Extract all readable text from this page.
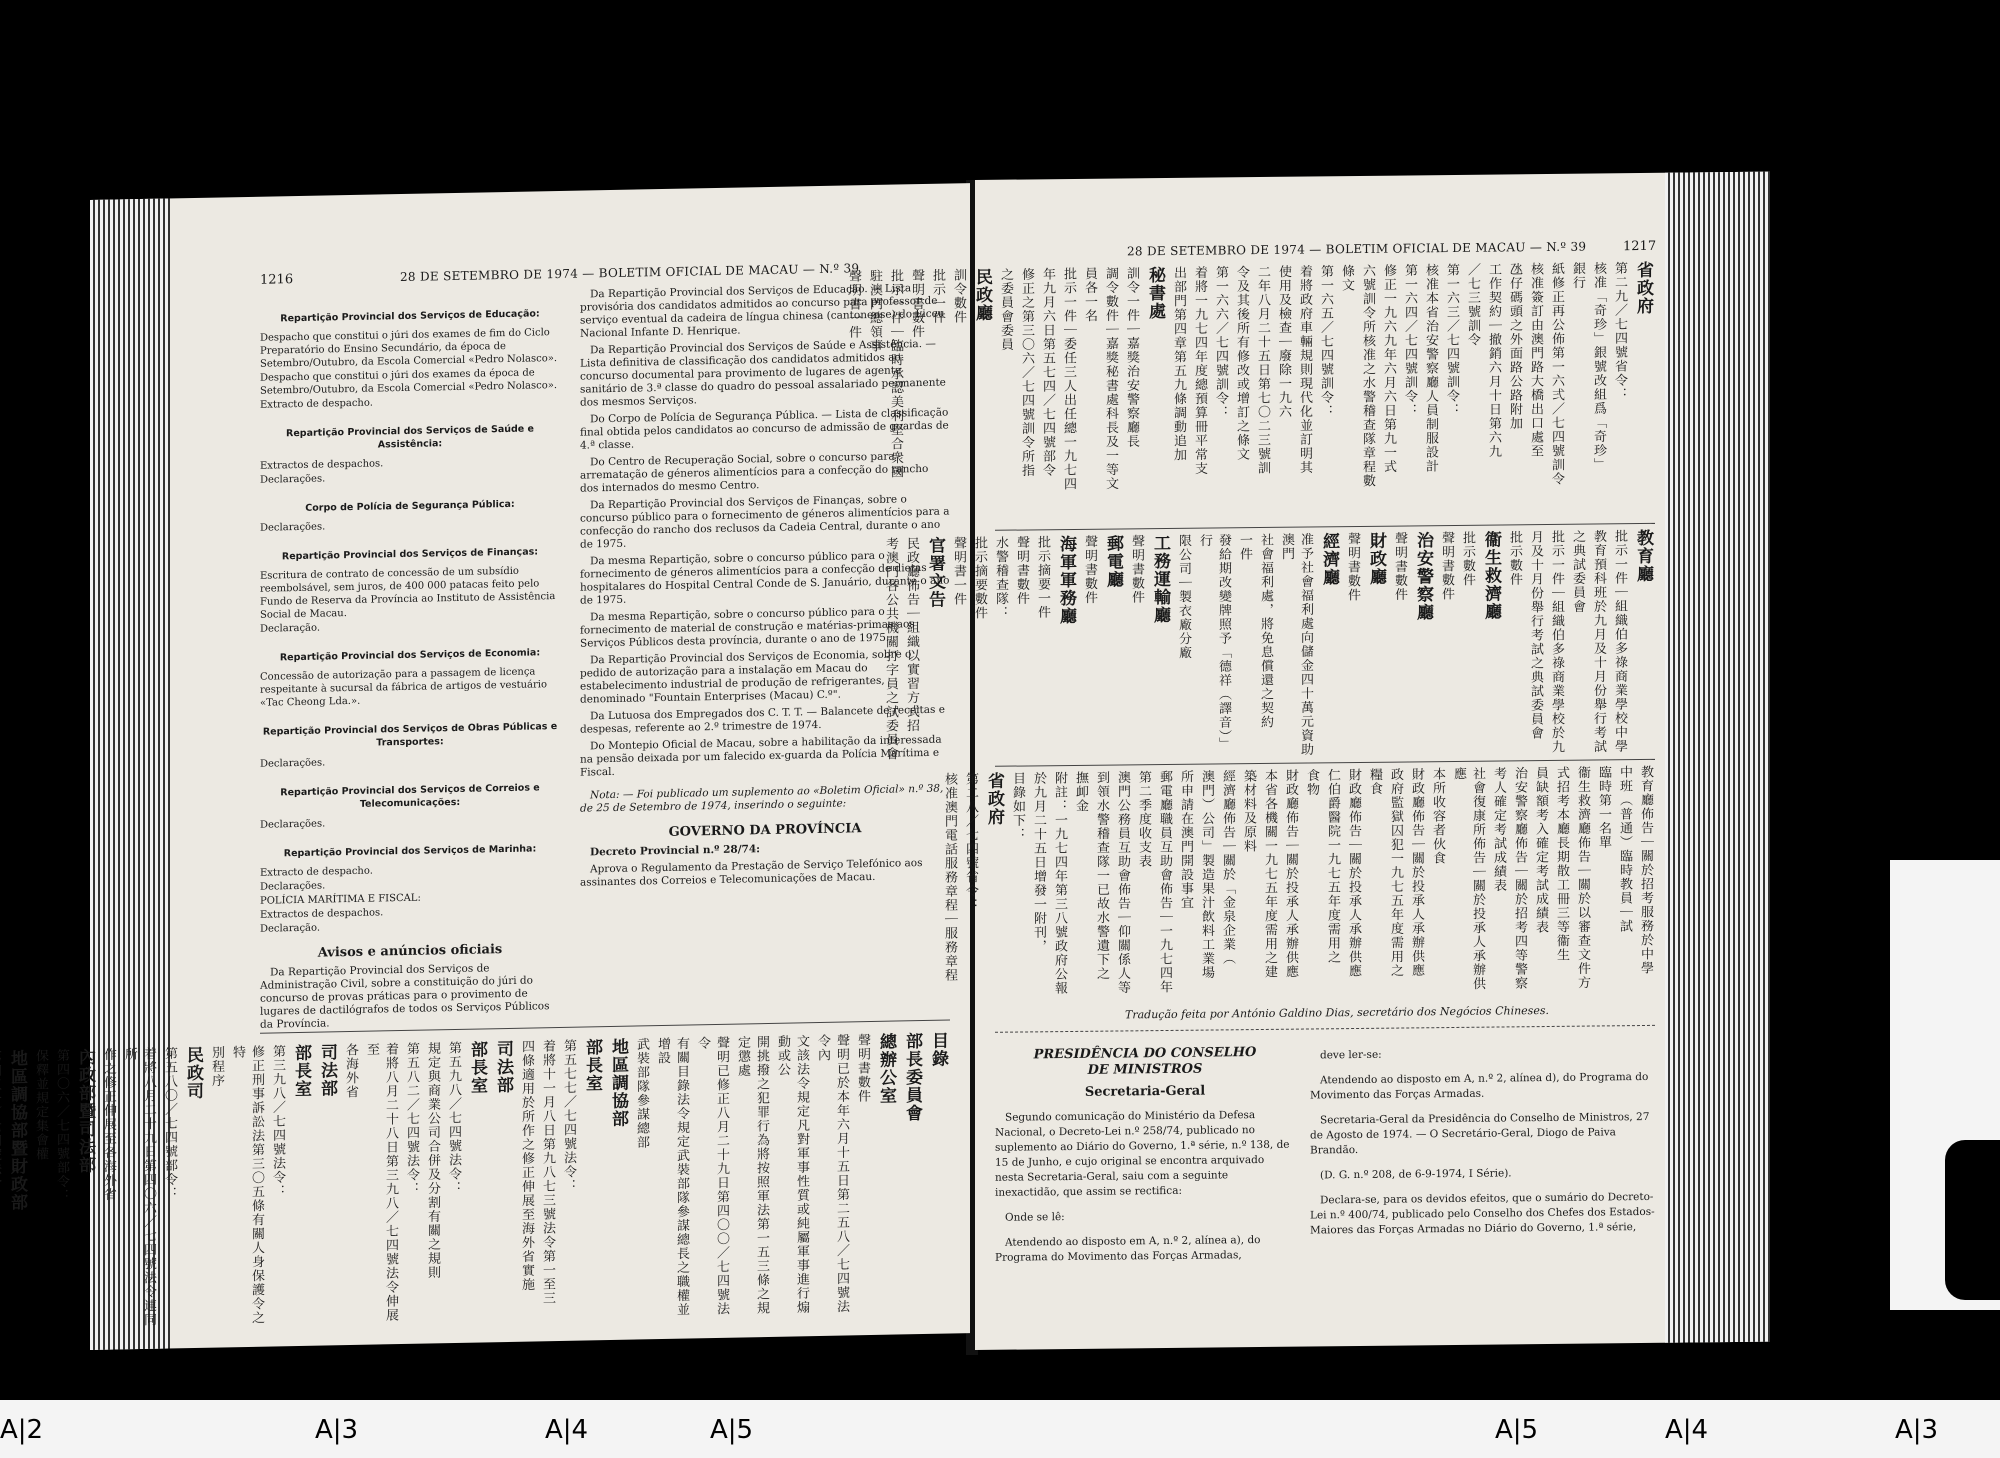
1216	28 DE SETEMBRO DE 1974 — BOLETIM OFICIAL DE MACAU — N.º 39
Repartição Provincial dos Serviços de Educação:
Despacho que constitui o júri dos exames de fim do Ciclo Preparatório do Ensino Secundário, da época de Setembro/Outubro, da Escola Comercial «Pedro Nolasco».
Despacho que constitui o júri dos exames da época de Setembro/Outubro, da Escola Comercial «Pedro Nolasco».
Extracto de despacho.
Repartição Provincial dos Serviços de Saúde e Assistência:
Extractos de despachos.
Declarações.
Corpo de Polícia de Segurança Pública:
Declarações.
Repartição Provincial dos Serviços de Finanças:
Escritura de contrato de concessão de um subsídio reembolsável, sem juros, de 400 000 patacas feito pelo Fundo de Reserva da Província ao Instituto de Assistência Social de Macau.
Declaração.
Repartição Provincial dos Serviços de Economia:
Concessão de autorização para a passagem de licença respeitante à sucursal da fábrica de artigos de vestuário «Tac Cheong Lda.».
Repartição Provincial dos Serviços de Obras Públicas e Transportes:
Declarações.
Repartição Provincial dos Serviços de Correios e Telecomunicações:
Declarações.
Repartição Provincial dos Serviços de Marinha:
Extracto de despacho.
Declarações.
POLÍCIA MARÍTIMA E FISCAL:
Extractos de despachos.
Declaração.
Avisos e anúncios oficiais
Da Repartição Provincial dos Serviços de Administração Civil, sobre a constituição do júri do concurso de provas práticas para o provimento de lugares de dactilógrafos de todos os Serviços Públicos da Província.
Da Repartição Provincial dos Serviços de Educação. — Lista provisória dos candidatos admitidos ao concurso para professor de serviço eventual da cadeira de língua chinesa (cantonense) do Liceu Nacional Infante D. Henrique.
Da Repartição Provincial dos Serviços de Saúde e Assistência. — Lista definitiva de classificação dos candidatos admitidos ao concurso documental para provimento de lugares de agente sanitário de 3.ª classe do quadro do pessoal assalariado permanente dos mesmos Serviços.
Do Corpo de Polícia de Segurança Pública. — Lista de classificação final obtida pelos candidatos ao concurso de admissão de guardas de 4.ª classe.
Do Centro de Recuperação Social, sobre o concurso para arrematação de géneros alimentícios para a confecção do rancho dos internados do mesmo Centro.
Da Repartição Provincial dos Serviços de Finanças, sobre o concurso público para o fornecimento de géneros alimentícios para a confecção do rancho dos reclusos da Cadeia Central, durante o ano de 1975.
Da mesma Repartição, sobre o concurso público para o fornecimento de géneros alimentícios para a confecção de dietas hospitalares do Hospital Central Conde de S. Januário, durante o ano de 1975.
Da mesma Repartição, sobre o concurso público para o fornecimento de material de construção e matérias-primas aos Serviços Públicos desta província, durante o ano de 1975.
Da Repartição Provincial dos Serviços de Economia, sobre o pedido de autorização para a instalação em Macau do estabelecimento industrial de produção de refrigerantes, denominado "Fountain Enterprises (Macau) C.º".
Da Lutuosa dos Empregados dos C. T. T. — Balancete de receitas e despesas, referente ao 2.º trimestre de 1974.
Do Montepio Oficial de Macau, sobre a habilitação da interessada na pensão deixada por um falecido ex-guarda da Polícia Marítima e Fiscal.
Nota: — Foi publicado um suplemento ao «Boletim Oficial» n.º 38, de 25 de Setembro de 1974, inserindo o seguinte:
GOVERNO DA PROVÍNCIA
Decreto Provincial n.º 28/74:
Aprova o Regulamento da Prestação de Serviço Telefónico aos assinantes dos Correios e Telecomunicações de Macau.
目錄
部長委員會
總辦公室
聲明書數件
聲明已於本年六月十五日第二五八／七四號法令內
文該法令規定凡對軍事性質或純屬軍事進行煽動或公
開挑撥之犯罪行為將按照軍法第一五三條之規定懲處
聲明已修正八月二十九日第四〇〇／七四號法令
有關目錄法令規定武裝部隊參謀總長之職權並增設
武裝部隊參謀總部
地區調協部
部長室
第五七七／七四號法令：
着將十一月八日第九八七三號法令第一至三
四條適用於所作之修正伸展至海外省實施
司法部
部長室
第五九八／七四號法令：
規定與商業公司合併及分割有關之規則
第五八二／七四號法令：
着將八月二十八日第三九八／七四號法令伸展至
各海外省
司法部
部長室
第三九八／七四號法令：
修正刑事訴訟法第三〇五條有關人身保護令之特
別程序
民政司
第五八〇／七四號部令：
着將八月二十九日第四〇六／七四號法令連同所
作之修正伸展至各海外省
內政部暨司法部
第四〇六／七四號部令：
保釋並規定集會權
地區調協部暨財政部
28 DE SETEMBRO DE 1974 — BOLETIM OFICIAL DE MACAU — N.º 39	1217
省政府
第二九／七四號省令：
核准「奇珍」銀號改組爲「奇珍」
銀行
紙修正再公佈第一六弍／七四號訓令
核准簽訂由澳門路大橋出口處至
氹仔碼頭之外面路公路附加
工作契約｜撤銷六月十日第六九
／七三號訓令
第一六三／七四號訓令：
核准本省治安警察廳人員制服設計
第一六四／七四號訓令：
修正一九六九年六月六日第九一式
六號訓令所核准之水警稽查隊章程數
條文
第一六五／七四號訓令：
着將政府車輛規則現代化並訂明其
使用及檢查｜廢除一九六
二年八月二十五日第七〇二三號訓
令及其後所有修改或增訂之條文
第一六六／七四號訓令：
着將一九七四年度總預算冊平常支
出部門第四章第五九條調動追加
秘書處
訓令一件｜嘉獎治安警察廳長
調令數件｜嘉獎秘書處科長及一等文
員各一名
批示一件｜委任三人出任總一九七四
年九月六日第五七四／七四號部令
修正之第三〇六／七四號訓令所指
之委員會委員
民政廳
訓令數件
批示一件
聲明書數件
批示一件｜臨時承認美利堅合衆國
駐澳門總領事
聲明書一件
教育廳
批示一件｜組織伯多祿商業學校中學
教育預科班於九月及十月份舉行考試
之典試委員會
批示一件｜組織伯多祿商業學校於九
月及十月份舉行考試之典試委員會
批示數件
衞生救濟廳
批示數件
聲明書數件
治安警察廳
聲明書數件
財政廳
聲明書數件
經濟廳
准予社會福利處向儲金四十萬元資助澳門
社會福利處，將免息償還之契約
一件
發給期改變牌照予「德祥（譯音）」行
限公司｜製衣廠分廠
工務運輸廳
聲明書數件
郵電廳
聲明書數件
海軍軍務廳
批示摘要一件
聲明書數件
水警稽查隊：
批示摘要數件
聲明書一件
官署文告
民政廳佈告｜組織以實習方式招
考澳門各公共機關打字員之試委員會
教育廳佈告｜關於招考服務於中學
中班（普通）臨時教員｜試
臨時第一名單
衞生救濟廳佈告｜關於以審查文件方
式招考本廳長期散工冊三等衞生
員缺額考入確定考試成績表
治安警察廳佈告｜關於招考四等警察
考人確定考試成績表
社會復康所佈告｜關於投承人承辦供應
本所收容者伙食
財政廳佈告｜關於投承人承辦供應
政府監獄囚犯一九七五年度需用之
糧食
財政廳佈告｜關於投承人承辦供應
仁伯爵醫院一九七五年度需用之
食物
財政廳佈告｜關於投承人承辦供應
本省各機關一九七五年度需用之建
築材料及原料
經濟廳佈告｜關於「金泉企業（
澳門）公司」製造果汁飲料工業場
所申請在澳門開設事宜
郵電廳職員互助會佈告｜一九七四年
第二季度收支表
澳門公務員互助會佈告｜仰關係人等
到領水警稽查隊一已故水警遺下之
撫卹金
附註：一九七四年第三八號政府公報
於九月二十五日增發一附刊，
目錄如下：
省政府
第二八／七四號省令：
核准澳門電話服務章程｜服務章程
Tradução feita por António Galdino Dias, secretário dos Negócios Chineses.
PRESIDÊNCIA DO CONSELHO
DE MINISTROS
Secretaria-Geral
Segundo comunicação do Ministério da Defesa Nacional, o Decreto-Lei n.º 258/74, publicado no suplemento ao Diário do Governo, 1.ª série, n.º 138, de 15 de Junho, e cujo original se encontra arquivado nesta Secretaria-Geral, saiu com a seguinte inexactidão, que assim se rectifica:
Onde se lê:
Atendendo ao disposto em A, n.º 2, alínea a), do Programa do Movimento das Forças Armadas,
deve ler-se:
Atendendo ao disposto em A, n.º 2, alínea d), do Programa do Movimento das Forças Armadas.
Secretaria-Geral da Presidência do Conselho de Ministros, 27 de Agosto de 1974. — O Secretário-Geral, Diogo de Paiva Brandão.
(D. G. n.º 208, de 6-9-1974, I Série).
Declara-se, para os devidos efeitos, que o sumário do Decreto-Lei n.º 400/74, publicado pelo Conselho dos Chefes dos Estados-Maiores das Forças Armadas no Diário do Governo, 1.ª série,
A|2	A|3	A|4	A|5	A|5	A|4	A|3
